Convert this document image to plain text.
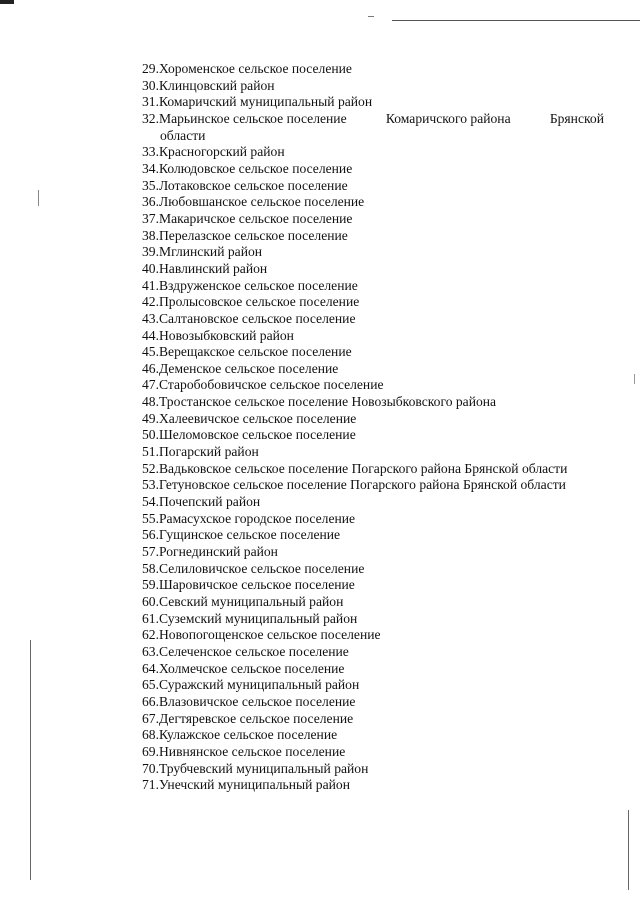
29.Хороменское сельское поселение
30.Клинцовский район
31.Комаричский муниципальный район
32.Марьинское сельское поселение	Комаричского района	Брянской
области
33.Красногорский район
34.Колюдовское сельское поселение
35.Лотаковское сельское поселение
36.Любовшанское сельское поселение
37.Макаричское сельское поселение
38.Перелазское сельское поселение
39.Мглинский район
40.Навлинский район
41.Вздруженское сельское поселение
42.Пролысовское сельское поселение
43.Салтановское сельское поселение
44.Новозыбковский район
45.Верещакское сельское поселение
46.Деменское сельское поселение
47.Старобобовичское сельское поселение
48.Тростанское сельское поселение Новозыбковского района
49.Халеевичское сельское поселение
50.Шеломовское сельское поселение
51.Погарский район
52.Вадьковское сельское поселение Погарского района Брянской области
53.Гетуновское сельское поселение Погарского района Брянской области
54.Почепский район
55.Рамасухское городское поселение
56.Гущинское сельское поселение
57.Рогнединский район
58.Селиловичское сельское поселение
59.Шаровичское сельское поселение
60.Севский муниципальный район
61.Суземский муниципальный район
62.Новопогощенское сельское поселение
63.Селеченское сельское поселение
64.Холмечское сельское поселение
65.Суражский муниципальный район
66.Влазовичское сельское поселение
67.Дегтяревское сельское поселение
68.Кулажское сельское поселение
69.Нивнянское сельское поселение
70.Трубчевский муниципальный район
71.Унечский муниципальный район
